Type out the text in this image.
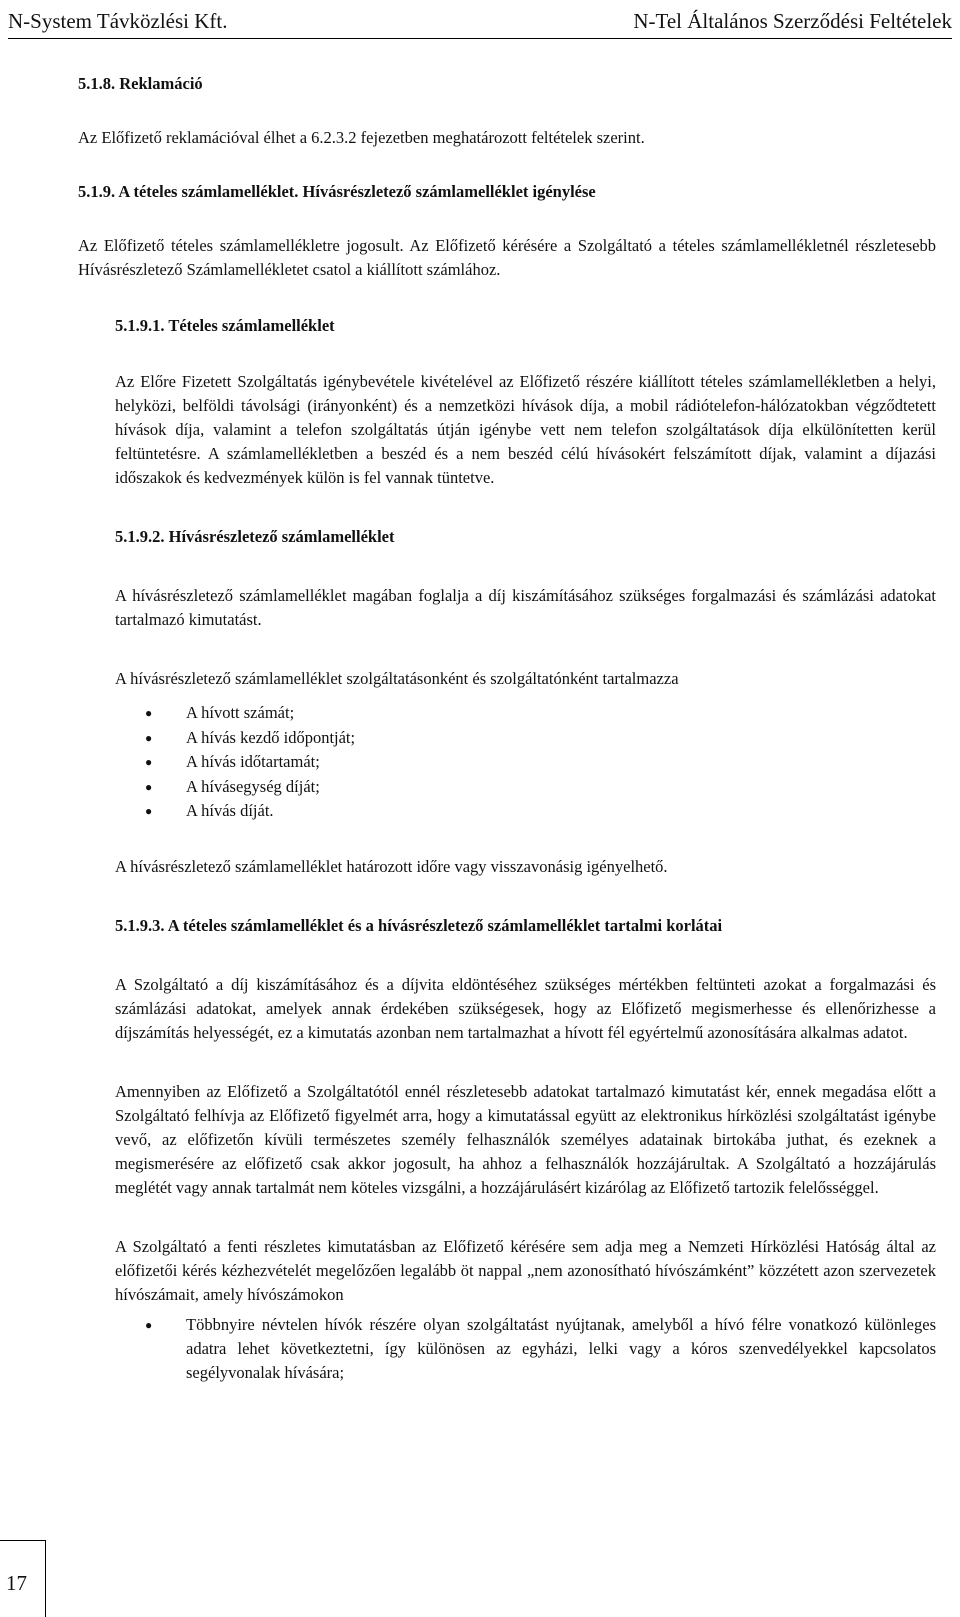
N-System Távközlési Kft.	N-Tel Általános Szerződési Feltételek
5.1.8. Reklamáció

Az Előfizető reklamációval élhet a 6.2.3.2 fejezetben meghatározott feltételek szerint.

5.1.9. A tételes számlamelléklet. Hívásrészletező számlamelléklet igénylése

Az Előfizető tételes számlamellékletre jogosult. Az Előfizető kérésére a Szolgáltató a tételes számlamellékletnél részletesebb Hívásrészletező Számlamellékletet csatol a kiállított számlához.

5.1.9.1. Tételes számlamelléklet

Az Előre Fizetett Szolgáltatás igénybevétele kivételével az Előfizető részére kiállított tételes számlamellékletben a helyi, helyközi, belföldi távolsági (irányonként) és a nemzetközi hívások díja, a mobil rádiótelefon-hálózatokban végződtetett hívások díja, valamint a telefon szolgáltatás útján igénybe vett nem telefon szolgáltatások díja elkülönítetten kerül feltüntetésre. A számlamellékletben a beszéd és a nem beszéd célú hívásokért felszámított díjak, valamint a díjazási időszakok és kedvezmények külön is fel vannak tüntetve.

5.1.9.2. Hívásrészletező számlamelléklet

A hívásrészletező számlamelléklet magában foglalja a díj kiszámításához szükséges forgalmazási és számlázási adatokat tartalmazó kimutatást.

A hívásrészletező számlamelléklet szolgáltatásonként és szolgáltatónként tartalmazza

● A hívott számát;
● A hívás kezdő időpontját;
● A hívás időtartamát;
● A hívásegység díját;
● A hívás díját.

A hívásrészletező számlamelléklet határozott időre vagy visszavonásig igényelhető.

5.1.9.3. A tételes számlamelléklet és a hívásrészletező számlamelléklet tartalmi korlátai

A Szolgáltató a díj kiszámításához és a díjvita eldöntéséhez szükséges mértékben feltünteti azokat a forgalmazási és számlázási adatokat, amelyek annak érdekében szükségesek, hogy az Előfizető megismerhesse és ellenőrizhesse a díjszámítás helyességét, ez a kimutatás azonban nem tartalmazhat a hívott fél egyértelmű azonosítására alkalmas adatot.

Amennyiben az Előfizető a Szolgáltatótól ennél részletesebb adatokat tartalmazó kimutatást kér, ennek megadása előtt a Szolgáltató felhívja az Előfizető figyelmét arra, hogy a kimutatással együtt az elektronikus hírközlési szolgáltatást igénybe vevő, az előfizetőn kívüli természetes személy felhasználók személyes adatainak birtokába juthat, és ezeknek a megismerésére az előfizető csak akkor jogosult, ha ahhoz a felhasználók hozzájárultak. A Szolgáltató a hozzájárulás meglétét vagy annak tartalmát nem köteles vizsgálni, a hozzájárulásért kizárólag az Előfizető tartozik felelősséggel.

A Szolgáltató a fenti részletes kimutatásban az Előfizető kérésére sem adja meg a Nemzeti Hírközlési Hatóság által az előfizetői kérés kézhezvételét megelőzően legalább öt nappal „nem azonosítható hívószámként” közzétett azon szervezetek hívószámait, amely hívószámokon

● Többnyire névtelen hívók részére olyan szolgáltatást nyújtanak, amelyből a hívó félre vonatkozó különleges adatra lehet következtetni, így különösen az egyházi, lelki vagy a kóros szenvedélyekkel kapcsolatos segélyvonalak hívására;
17
